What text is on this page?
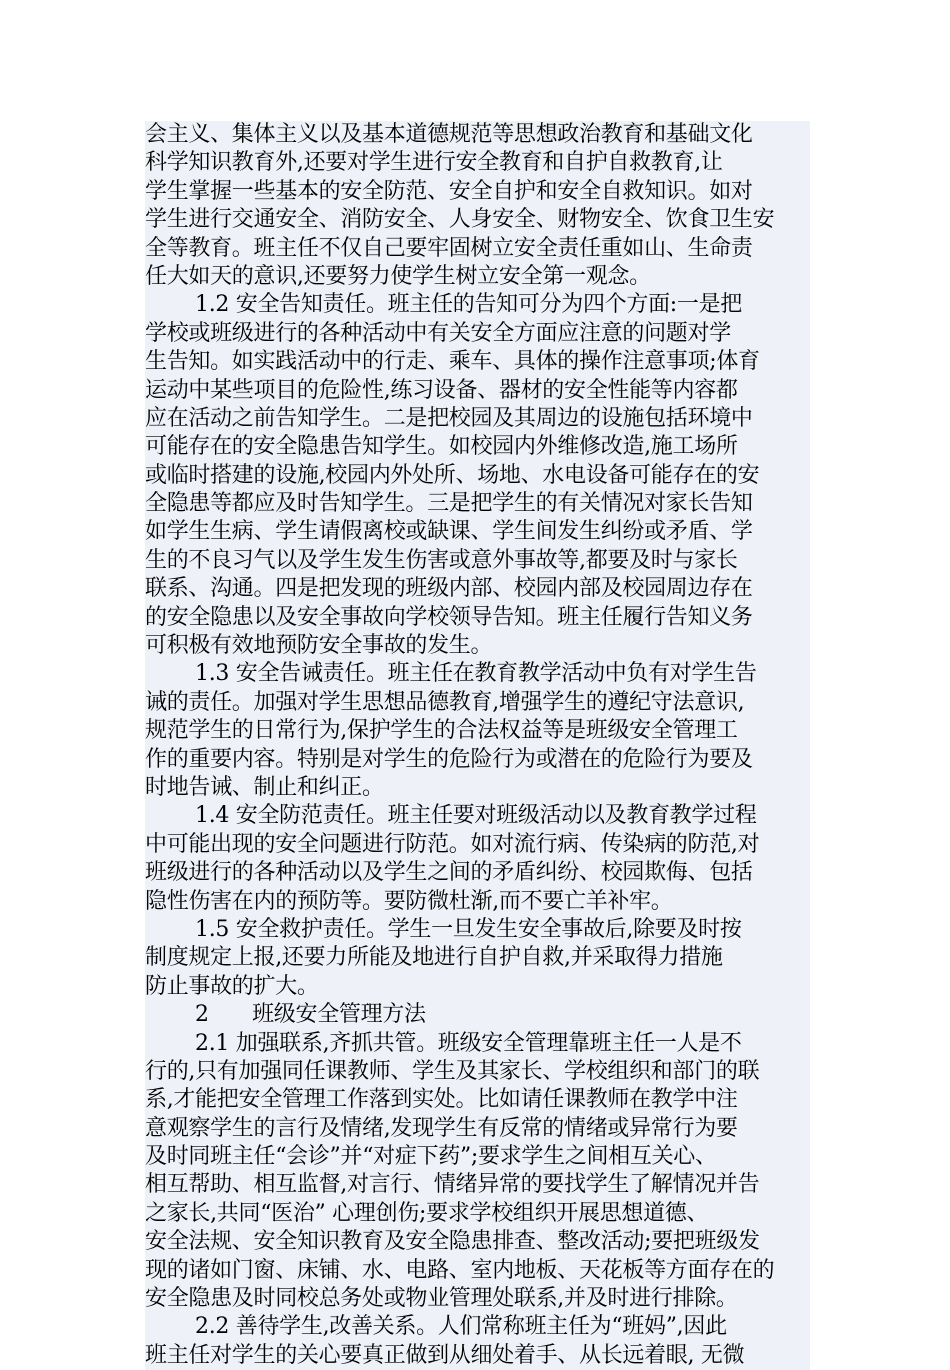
会主义、集体主义以及基本道德规范等思想政治教育和基础文化
科学知识教育外,还要对学生进行安全教育和自护自救教育,让
学生掌握一些基本的安全防范、安全自护和安全自救知识。如对
学生进行交通安全、消防安全、人身安全、财物安全、饮食卫生安
全等教育。班主任不仅自己要牢固树立安全责任重如山、生命责
任大如天的意识,还要努力使学生树立安全第一观念。
1.2 安全告知责任。班主任的告知可分为四个方面:一是把
学校或班级进行的各种活动中有关安全方面应注意的问题对学
生告知。如实践活动中的行走、乘车、具体的操作注意事项;体育
运动中某些项目的危险性,练习设备、器材的安全性能等内容都
应在活动之前告知学生。二是把校园及其周边的设施包括环境中
可能存在的安全隐患告知学生。如校园内外维修改造,施工场所
或临时搭建的设施,校园内外处所、场地、水电设备可能存在的安
全隐患等都应及时告知学生。三是把学生的有关情况对家长告知
如学生生病、学生请假离校或缺课、学生间发生纠纷或矛盾、学
生的不良习气以及学生发生伤害或意外事故等,都要及时与家长
联系、沟通。四是把发现的班级内部、校园内部及校园周边存在
的安全隐患以及安全事故向学校领导告知。班主任履行告知义务
可积极有效地预防安全事故的发生。
1.3 安全告诫责任。班主任在教育教学活动中负有对学生告
诫的责任。加强对学生思想品德教育,增强学生的遵纪守法意识,
规范学生的日常行为,保护学生的合法权益等是班级安全管理工
作的重要内容。特别是对学生的危险行为或潜在的危险行为要及
时地告诫、制止和纠正。
1.4 安全防范责任。班主任要对班级活动以及教育教学过程
中可能出现的安全问题进行防范。如对流行病、传染病的防范,对
班级进行的各种活动以及学生之间的矛盾纠纷、校园欺侮、包括
隐性伤害在内的预防等。要防微杜渐,而不要亡羊补牢。
1.5 安全救护责任。学生一旦发生安全事故后,除要及时按
制度规定上报,还要力所能及地进行自护自救,并采取得力措施
防止事故的扩大。
2　　班级安全管理方法
2.1 加强联系,齐抓共管。班级安全管理靠班主任一人是不
行的,只有加强同任课教师、学生及其家长、学校组织和部门的联
系,才能把安全管理工作落到实处。比如请任课教师在教学中注
意观察学生的言行及情绪,发现学生有反常的情绪或异常行为要
及时同班主任“会诊”并“对症下药”;要求学生之间相互关心、
相互帮助、相互监督,对言行、情绪异常的要找学生了解情况并告
之家长,共同“医治” 心理创伤;要求学校组织开展思想道德、
安全法规、安全知识教育及安全隐患排查、整改活动;要把班级发
现的诸如门窗、床铺、水、电路、室内地板、天花板等方面存在的
安全隐患及时同校总务处或物业管理处联系,并及时进行排除。
2.2 善待学生,改善关系。人们常称班主任为“班妈”,因此
班主任对学生的关心要真正做到从细处着手、从长远着眼, 无微
